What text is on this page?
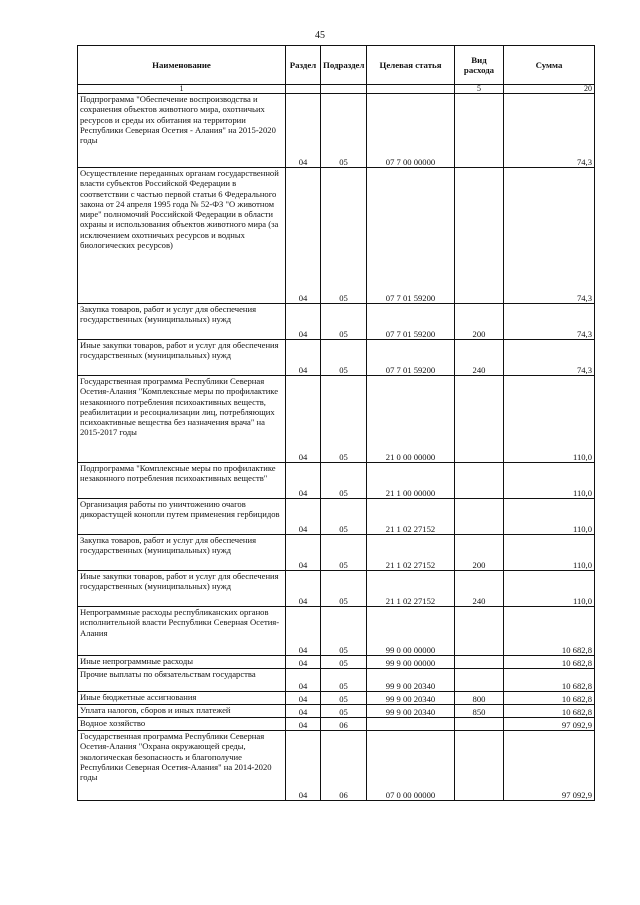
45
Наименование	Раздел	Подраздел	Целевая статья	Вид расхода	Сумма
1				5	20
Подпрограмма "Обеспечение воспроизводства и сохранения объектов животного мира, охотничьих ресурсов и среды их обитания на территории Республики Северная Осетия - Алания" на 2015-2020 годы	04	05	07 7 00 00000		74,3
Осуществление переданных органам государственной власти субъектов Российской Федерации в соответствии с частью первой статьи 6 Федерального закона от 24 апреля 1995 года № 52-ФЗ "О животном мире" полномочий Российской Федерации в области охраны и использования объектов животного мира (за исключением охотничьих ресурсов и водных биологических ресурсов)	04	05	07 7 01 59200		74,3
Закупка товаров, работ и услуг для обеспечения государственных (муниципальных) нужд	04	05	07 7 01 59200	200	74,3
Иные закупки товаров, работ и услуг для обеспечения государственных (муниципальных) нужд	04	05	07 7 01 59200	240	74,3
Государственная программа Республики Северная Осетия-Алания "Комплексные меры по профилактике незаконного потребления психоактивных веществ, реабилитации и ресоциализации лиц, потребляющих психоактивные вещества без назначения врача" на 2015-2017 годы	04	05	21 0 00 00000		110,0
Подпрограмма "Комплексные меры по профилактике незаконного потребления психоактивных веществ"	04	05	21 1 00 00000		110,0
Организация работы по уничтожению очагов дикорастущей конопли путем применения гербицидов	04	05	21 1 02 27152		110,0
Закупка товаров, работ и услуг для обеспечения государственных (муниципальных) нужд	04	05	21 1 02 27152	200	110,0
Иные закупки товаров, работ и услуг для обеспечения государственных (муниципальных) нужд	04	05	21 1 02 27152	240	110,0
Непрограммные расходы республиканских органов исполнительной власти Республики Северная Осетия-Алания	04	05	99 0 00 00000		10 682,8
Иные непрограммные расходы	04	05	99 9 00 00000		10 682,8
Прочие выплаты по обязательствам государства	04	05	99 9 00 20340		10 682,8
Иные бюджетные ассигнования	04	05	99 9 00 20340	800	10 682,8
Уплата налогов, сборов и иных платежей	04	05	99 9 00 20340	850	10 682,8
Водное хозяйство	04	06			97 092,9
Государственная программа Республики Северная Осетия-Алания "Охрана окружающей среды, экологическая безопасность и благополучие Республики Северная Осетия-Алания" на 2014-2020 годы	04	06	07 0 00 00000		97 092,9
